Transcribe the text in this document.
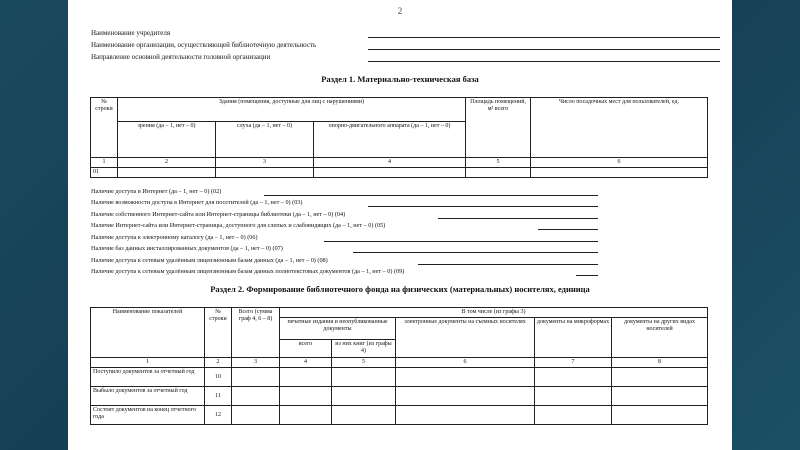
2
Наименование учредителя
Наименование организации, осуществляющей библиотечную деятельность
Направление основной деятельности головной организации
Раздел 1. Материально-техническая база
№ строки	Здания (помещения, доступные для лиц с нарушениями)			Площадь помещений, м² всего	Число посадочных мест для пользователей, ед.
	зрения (да – 1, нет – 0)	слуха (да – 1, нет – 0)	опорно-двигательного аппарата (да – 1, нет – 0)		
1	2	3	4	5	6
01					
Наличие доступа в Интернет (да – 1, нет – 0) (02)
Наличие возможности доступа в Интернет для посетителей (да – 1, нет – 0) (03)
Наличие собственного Интернет-сайта или Интернет-страницы библиотеки (да – 1, нет – 0) (04)
Наличие Интернет-сайта или Интернет-страницы, доступного для слепых и слабовидящих (да – 1, нет – 0) (05)
Наличие доступа к электронному каталогу (да – 1, нет – 0) (06)
Наличие баз данных инсталлированных документов (да – 1, нет – 0) (07)
Наличие доступа к сетевым удалённым лицензионным базам данных (да – 1, нет – 0) (08)
Наличие доступа к сетевым удалённым лицензионным базам данных полнотекстовых документов (да – 1, нет – 0) (09)
Раздел 2. Формирование библиотечного фонда на физических (материальных) носителях, единица
Наименование показателей	№ строки	Всего (сумма граф 4, 6 – 8)	В том числе (из графы 3)				
			печатные издания и неопубликованные документы		электронные документы на съемных носителях	документы на микроформах	документы на других видах носителей
			всего	из них книг (из графы 4)			
1	2	3	4	5	6	7	8
Поступило документов за отчетный год	10						
Выбыло документов за отчетный год	11						
Состоит документов на конец отчетного года	12						
